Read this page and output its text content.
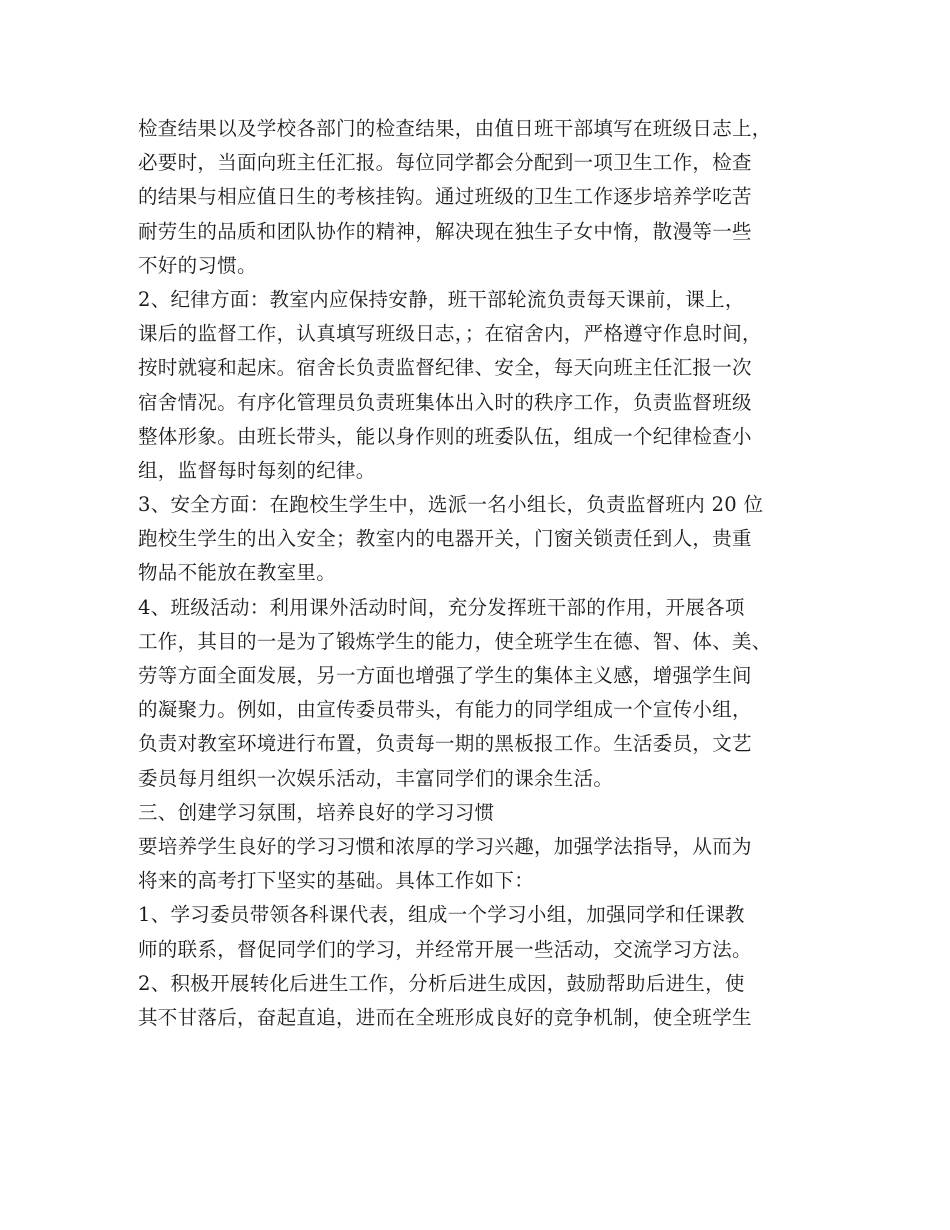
检查结果以及学校各部门的检查结果，由值日班干部填写在班级日志上，
必要时，当面向班主任汇报。每位同学都会分配到一项卫生工作，检查
的结果与相应值日生的考核挂钩。通过班级的卫生工作逐步培养学吃苦
耐劳生的品质和团队协作的精神，解决现在独生子女中惰，散漫等一些
不好的习惯。
2、纪律方面：教室内应保持安静，班干部轮流负责每天课前，课上，
课后的监督工作，认真填写班级日志，；在宿舍内，严格遵守作息时间，
按时就寝和起床。宿舍长负责监督纪律、安全，每天向班主任汇报一次
宿舍情况。有序化管理员负责班集体出入时的秩序工作，负责监督班级
整体形象。由班长带头，能以身作则的班委队伍，组成一个纪律检查小
组，监督每时每刻的纪律。
3、安全方面：在跑校生学生中，选派一名小组长，负责监督班内 20 位
跑校生学生的出入安全；教室内的电器开关，门窗关锁责任到人，贵重
物品不能放在教室里。
4、班级活动：利用课外活动时间，充分发挥班干部的作用，开展各项
工作，其目的一是为了锻炼学生的能力，使全班学生在德、智、体、美、
劳等方面全面发展，另一方面也增强了学生的集体主义感，增强学生间
的凝聚力。例如，由宣传委员带头，有能力的同学组成一个宣传小组，
负责对教室环境进行布置，负责每一期的黑板报工作。生活委员，文艺
委员每月组织一次娱乐活动，丰富同学们的课余生活。
三、创建学习氛围，培养良好的学习习惯
要培养学生良好的学习习惯和浓厚的学习兴趣，加强学法指导，从而为
将来的高考打下坚实的基础。具体工作如下：
1、学习委员带领各科课代表，组成一个学习小组，加强同学和任课教
师的联系，督促同学们的学习，并经常开展一些活动，交流学习方法。
2、积极开展转化后进生工作，分析后进生成因，鼓励帮助后进生，使
其不甘落后，奋起直追，进而在全班形成良好的竞争机制，使全班学生
